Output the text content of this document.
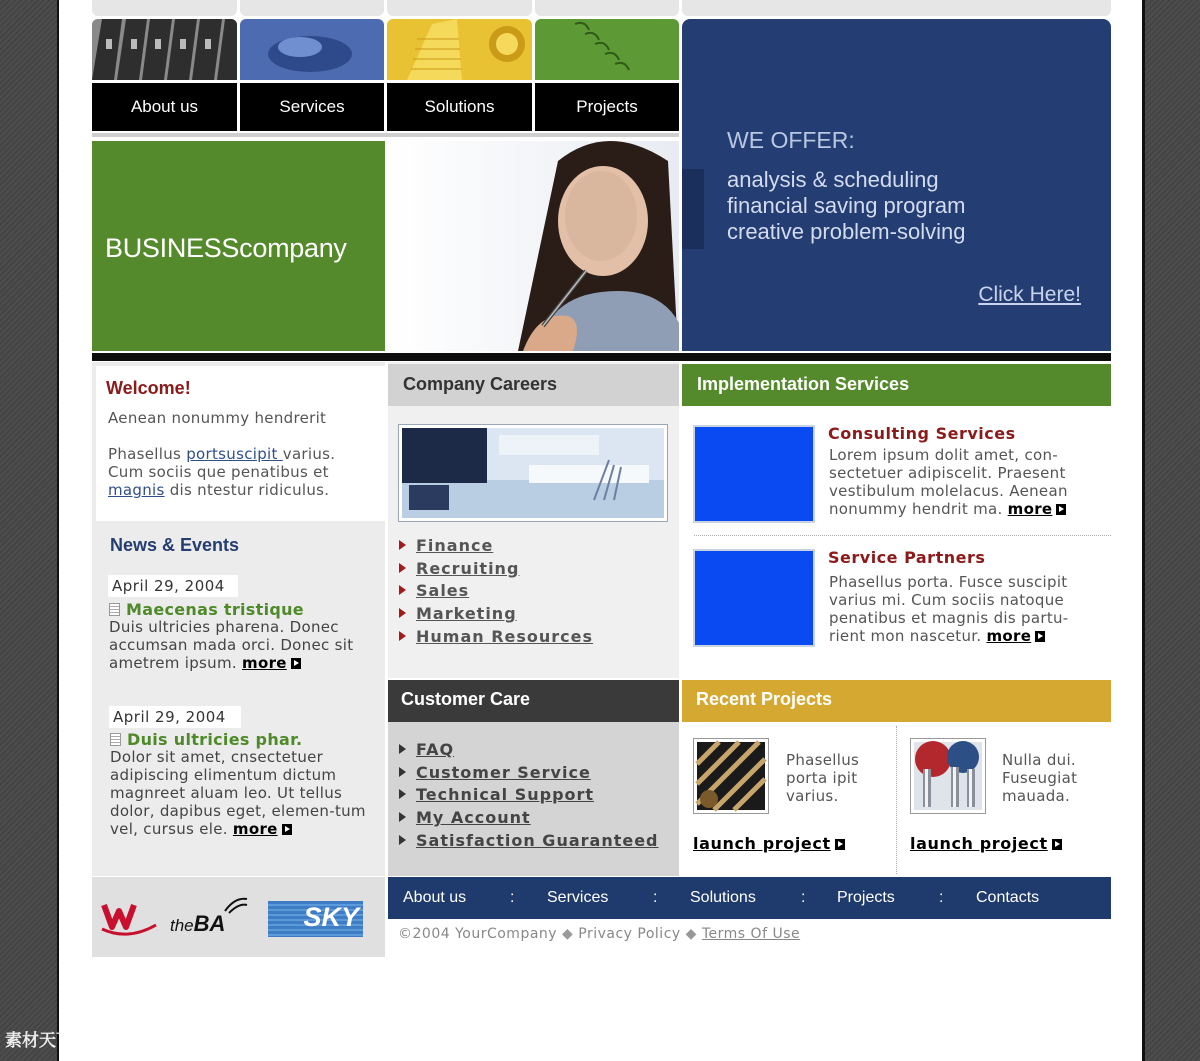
About us	Services	Solutions	Projects
BUSINESScompany
WE OFFER:
analysis & scheduling
financial saving program
creative problem-solving
Click Here!
Welcome!
Aenean nonummy hendrerit
Phasellus portsuscipit varius. Cum sociis que penatibus et magnis dis ntestur ridiculus.
News & Events
April 29, 2004
Maecenas tristique
Duis ultricies pharena. Donec accumsan mada orci. Donec sit ametrem ipsum. more
April 29, 2004
Duis ultricies phar.
Dolor sit amet, cnsectetuer adipiscing elimentum dictum magnreet aluam leo. Ut tellus dolor, dapibus eget, elemen-tum vel, cursus ele. more
theBA	SKY
Company Careers
Finance
Recruiting
Sales
Marketing
Human Resources
Customer Care
FAQ
Customer Service
Technical Support
My Account
Satisfaction Guaranteed
Implementation Services
Consulting Services
Lorem ipsum dolit amet, con-sectetuer adipiscelit. Praesent vestibulum molelacus. Aenean nonummy hendrit ma. more
Service Partners
Phasellus porta. Fusce suscipit varius mi. Cum sociis natoque penatibus et magnis dis partu-rient mon nascetur. more
Recent Projects
Phasellus porta ipit varius.
launch project
Nulla dui. Fuseugiat mauada.
launch project
About us	: Services	: Solutions	: Projects	: Contacts
©2004 YourCompany ◆ Privacy Policy ◆ Terms Of Use
素材天下 sucaisucai.com  编号: 04657895
